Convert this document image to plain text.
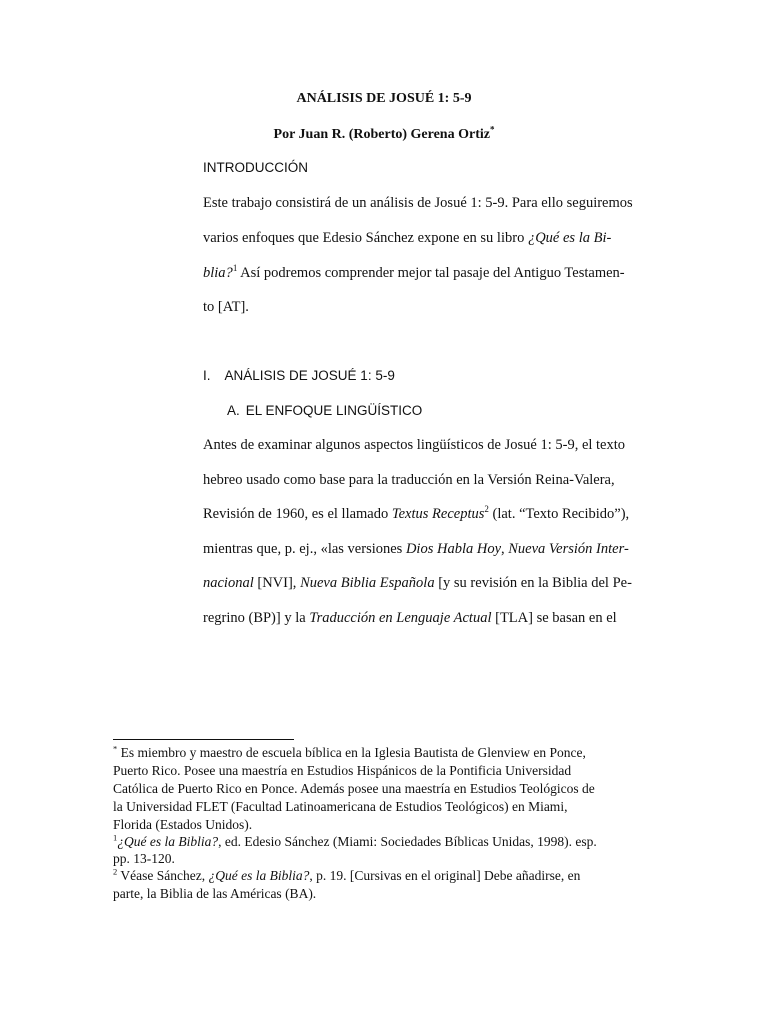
ANÁLISIS DE JOSUÉ 1: 5-9
Por Juan R. (Roberto) Gerena Ortiz*
INTRODUCCIÓN
Este trabajo consistirá de un análisis de Josué 1: 5-9. Para ello seguiremos
varios enfoques que Edesio Sánchez expone en su libro ¿Qué es la Bi-
blia?$^1$ Así podremos comprender mejor tal pasaje del Antiguo Testamen-
to [AT].
I. ANÁLISIS DE JOSUÉ 1: 5-9
A. EL ENFOQUE LINGÜÍSTICO
Antes de examinar algunos aspectos lingüísticos de Josué 1: 5-9, el texto
hebreo usado como base para la traducción en la Versión Reina-Valera,
Revisión de 1960, es el llamado Textus Receptus$^2$ (lat. “Texto Recibido”),
mientras que, p. ej., «las versiones Dios Habla Hoy, Nueva Versión Inter-
nacional [NVI], Nueva Biblia Española [y su revisión en la Biblia del Pe-
regrino (BP)] y la Traducción en Lenguaje Actual [TLA] se basan en el
* Es miembro y maestro de escuela bíblica en la Iglesia Bautista de Glenview en Ponce,
Puerto Rico. Posee una maestría en Estudios Hispánicos de la Pontificia Universidad
Católica de Puerto Rico en Ponce. Además posee una maestría en Estudios Teológicos de
la Universidad FLET (Facultad Latinoamericana de Estudios Teológicos) en Miami,
Florida (Estados Unidos).
$^1$¿Qué es la Biblia?, ed. Edesio Sánchez (Miami: Sociedades Bíblicas Unidas, 1998). esp.
pp. 13-120.
$^2$ Véase Sánchez, ¿Qué es la Biblia?, p. 19. [Cursivas en el original] Debe añadirse, en
parte, la Biblia de las Américas (BA).
